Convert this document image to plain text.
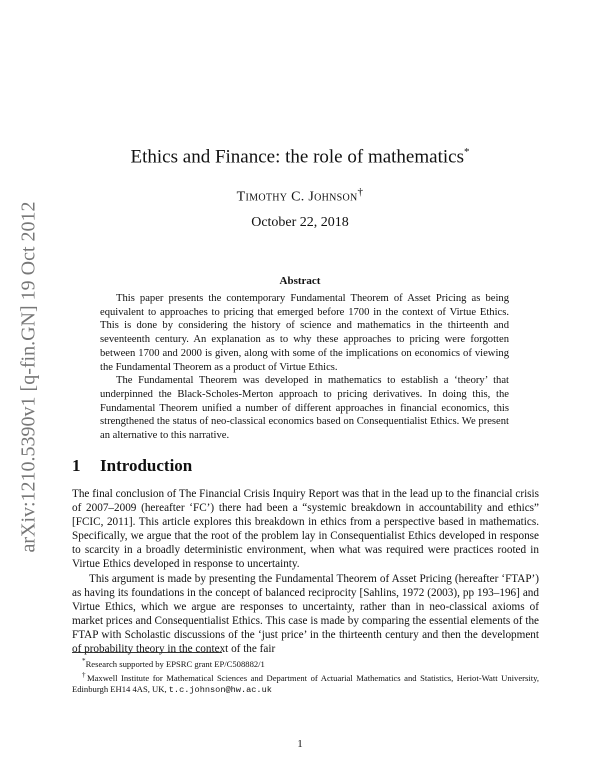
arXiv:1210.5390v1 [q-fin.GN] 19 Oct 2012
Ethics and Finance: the role of mathematics*
Timothy C. Johnson†
October 22, 2018
Abstract

This paper presents the contemporary Fundamental Theorem of Asset Pricing as being equivalent to approaches to pricing that emerged before 1700 in the context of Virtue Ethics. This is done by considering the history of science and mathematics in the thirteenth and seventeenth century. An explanation as to why these approaches to pricing were forgotten between 1700 and 2000 is given, along with some of the implications on economics of viewing the Fundamental Theorem as a product of Virtue Ethics.

The Fundamental Theorem was developed in mathematics to establish a ‘theory’ that underpinned the Black-Scholes-Merton approach to pricing derivatives. In doing this, the Fundamental Theorem unified a number of different approaches in financial economics, this strengthened the status of neo-classical economics based on Consequentialist Ethics. We present an alternative to this narrative.

1 Introduction

The final conclusion of The Financial Crisis Inquiry Report was that in the lead up to the financial crisis of 2007–2009 (hereafter ‘FC’) there had been a “systemic breakdown in accountability and ethics” [FCIC, 2011]. This article explores this breakdown in ethics from a perspective based in mathematics. Specifically, we argue that the root of the problem lay in Consequentialist Ethics developed in response to scarcity in a broadly deterministic environment, when what was required were practices rooted in Virtue Ethics developed in response to uncertainty.

This argument is made by presenting the Fundamental Theorem of Asset Pricing (hereafter ‘FTAP’) as having its foundations in the concept of balanced reciprocity [Sahlins, 1972 (2003), pp 193–196] and Virtue Ethics, which we argue are responses to uncertainty, rather than in neo-classical axioms of market prices and Consequentialist Ethics. This case is made by comparing the essential elements of the FTAP with Scholastic discussions of the ‘just price’ in the thirteenth century and then the development of probability theory in the context of the fair

*Research supported by EPSRC grant EP/C508882/1

†Maxwell Institute for Mathematical Sciences and Department of Actuarial Mathematics and Statistics, Heriot-Watt University, Edinburgh EH14 4AS, UK, t.c.johnson@hw.ac.uk

1
